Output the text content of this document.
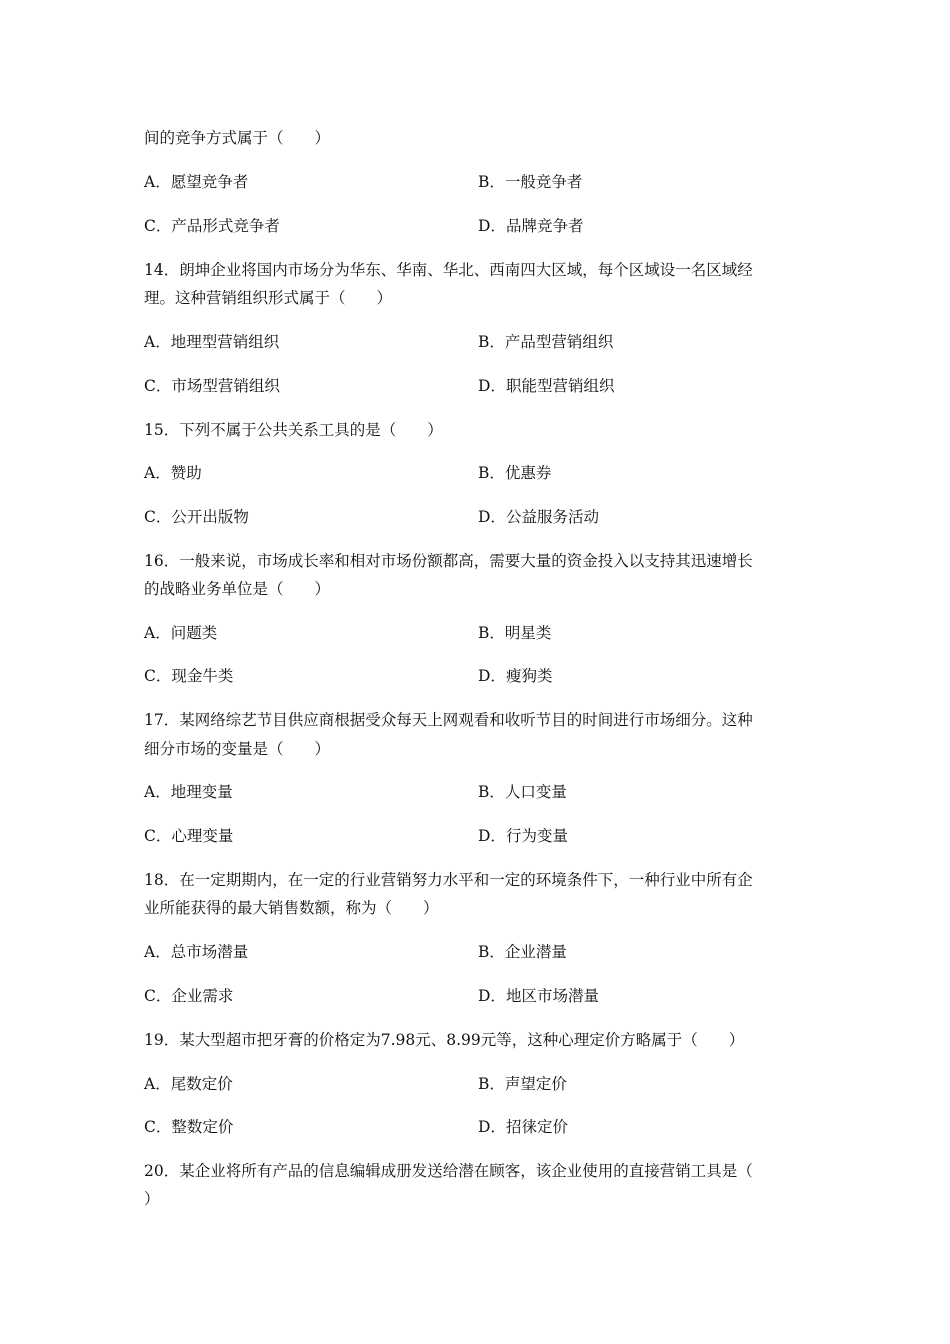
间的竞争方式属于（　　）
A．愿望竞争者	B．一般竞争者
C．产品形式竞争者	D．品牌竞争者
14．朗坤企业将国内市场分为华东、华南、华北、西南四大区域，每个区域设一名区域经
理。这种营销组织形式属于（　　）
A．地理型营销组织	B．产品型营销组织
C．市场型营销组织	D．职能型营销组织
15．下列不属于公共关系工具的是（　　）
A．赞助	B．优惠券
C．公开出版物	D．公益服务活动
16．一般来说，市场成长率和相对市场份额都高，需要大量的资金投入以支持其迅速增长
的战略业务单位是（　　）
A．问题类	B．明星类
C．现金牛类	D．瘦狗类
17．某网络综艺节目供应商根据受众每天上网观看和收听节目的时间进行市场细分。这种
细分市场的变量是（　　）
A．地理变量	B．人口变量
C．心理变量	D．行为变量
18．在一定期期内，在一定的行业营销努力水平和一定的环境条件下，一种行业中所有企
业所能获得的最大销售数额，称为（　　）
A．总市场潜量	B．企业潜量
C．企业需求	D．地区市场潜量
19．某大型超市把牙膏的价格定为7.98元、8.99元等，这种心理定价方略属于（　　）
A．尾数定价	B．声望定价
C．整数定价	D．招徕定价
20．某企业将所有产品的信息编辑成册发送给潜在顾客，该企业使用的直接营销工具是（
）
